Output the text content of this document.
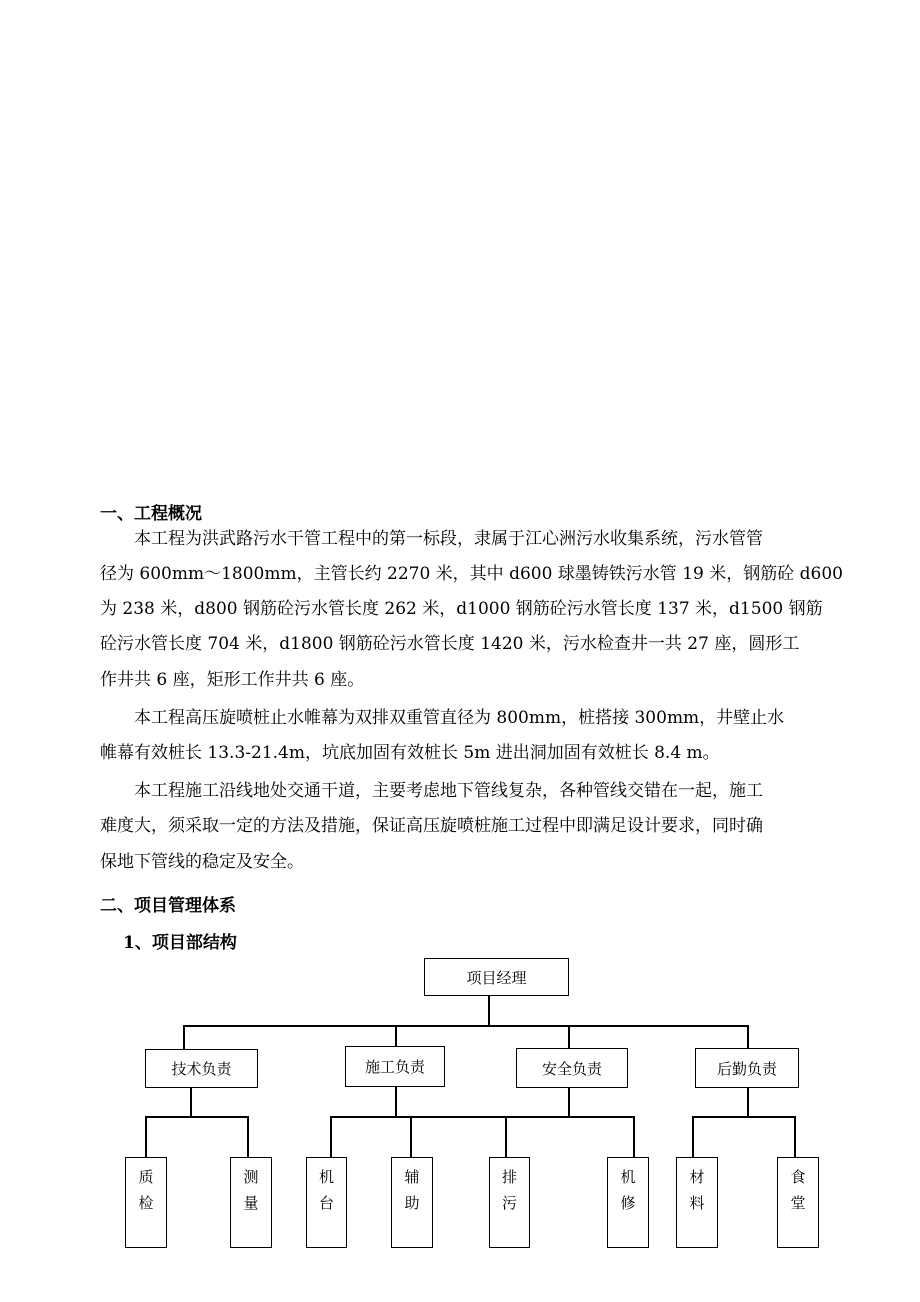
一、工程概况
本工程为洪武路污水干管工程中的第一标段，隶属于江心洲污水收集系统，污水管管
径为 600mm～1800mm，主管长约 2270 米，其中 d600 球墨铸铁污水管 19 米，钢筋砼 d600
为 238 米，d800 钢筋砼污水管长度 262 米，d1000 钢筋砼污水管长度 137 米，d1500 钢筋
砼污水管长度 704 米，d1800 钢筋砼污水管长度 1420 米，污水检查井一共 27 座，圆形工
作井共 6 座，矩形工作井共 6 座。
本工程高压旋喷桩止水帷幕为双排双重管直径为 800mm，桩搭接 300mm，井壁止水
帷幕有效桩长 13.3-21.4m，坑底加固有效桩长 5m 进出洞加固有效桩长 8.4 m。
本工程施工沿线地处交通干道，主要考虑地下管线复杂，各种管线交错在一起，施工
难度大，须采取一定的方法及措施，保证高压旋喷桩施工过程中即满足设计要求，同时确
保地下管线的稳定及安全。
二、项目管理体系
1、项目部结构
项目经理
技术负责	施工负责	安全负责	后勤负责
质
检
测
量
机
台
辅
助
排
污
机
修
材
料
食
堂
